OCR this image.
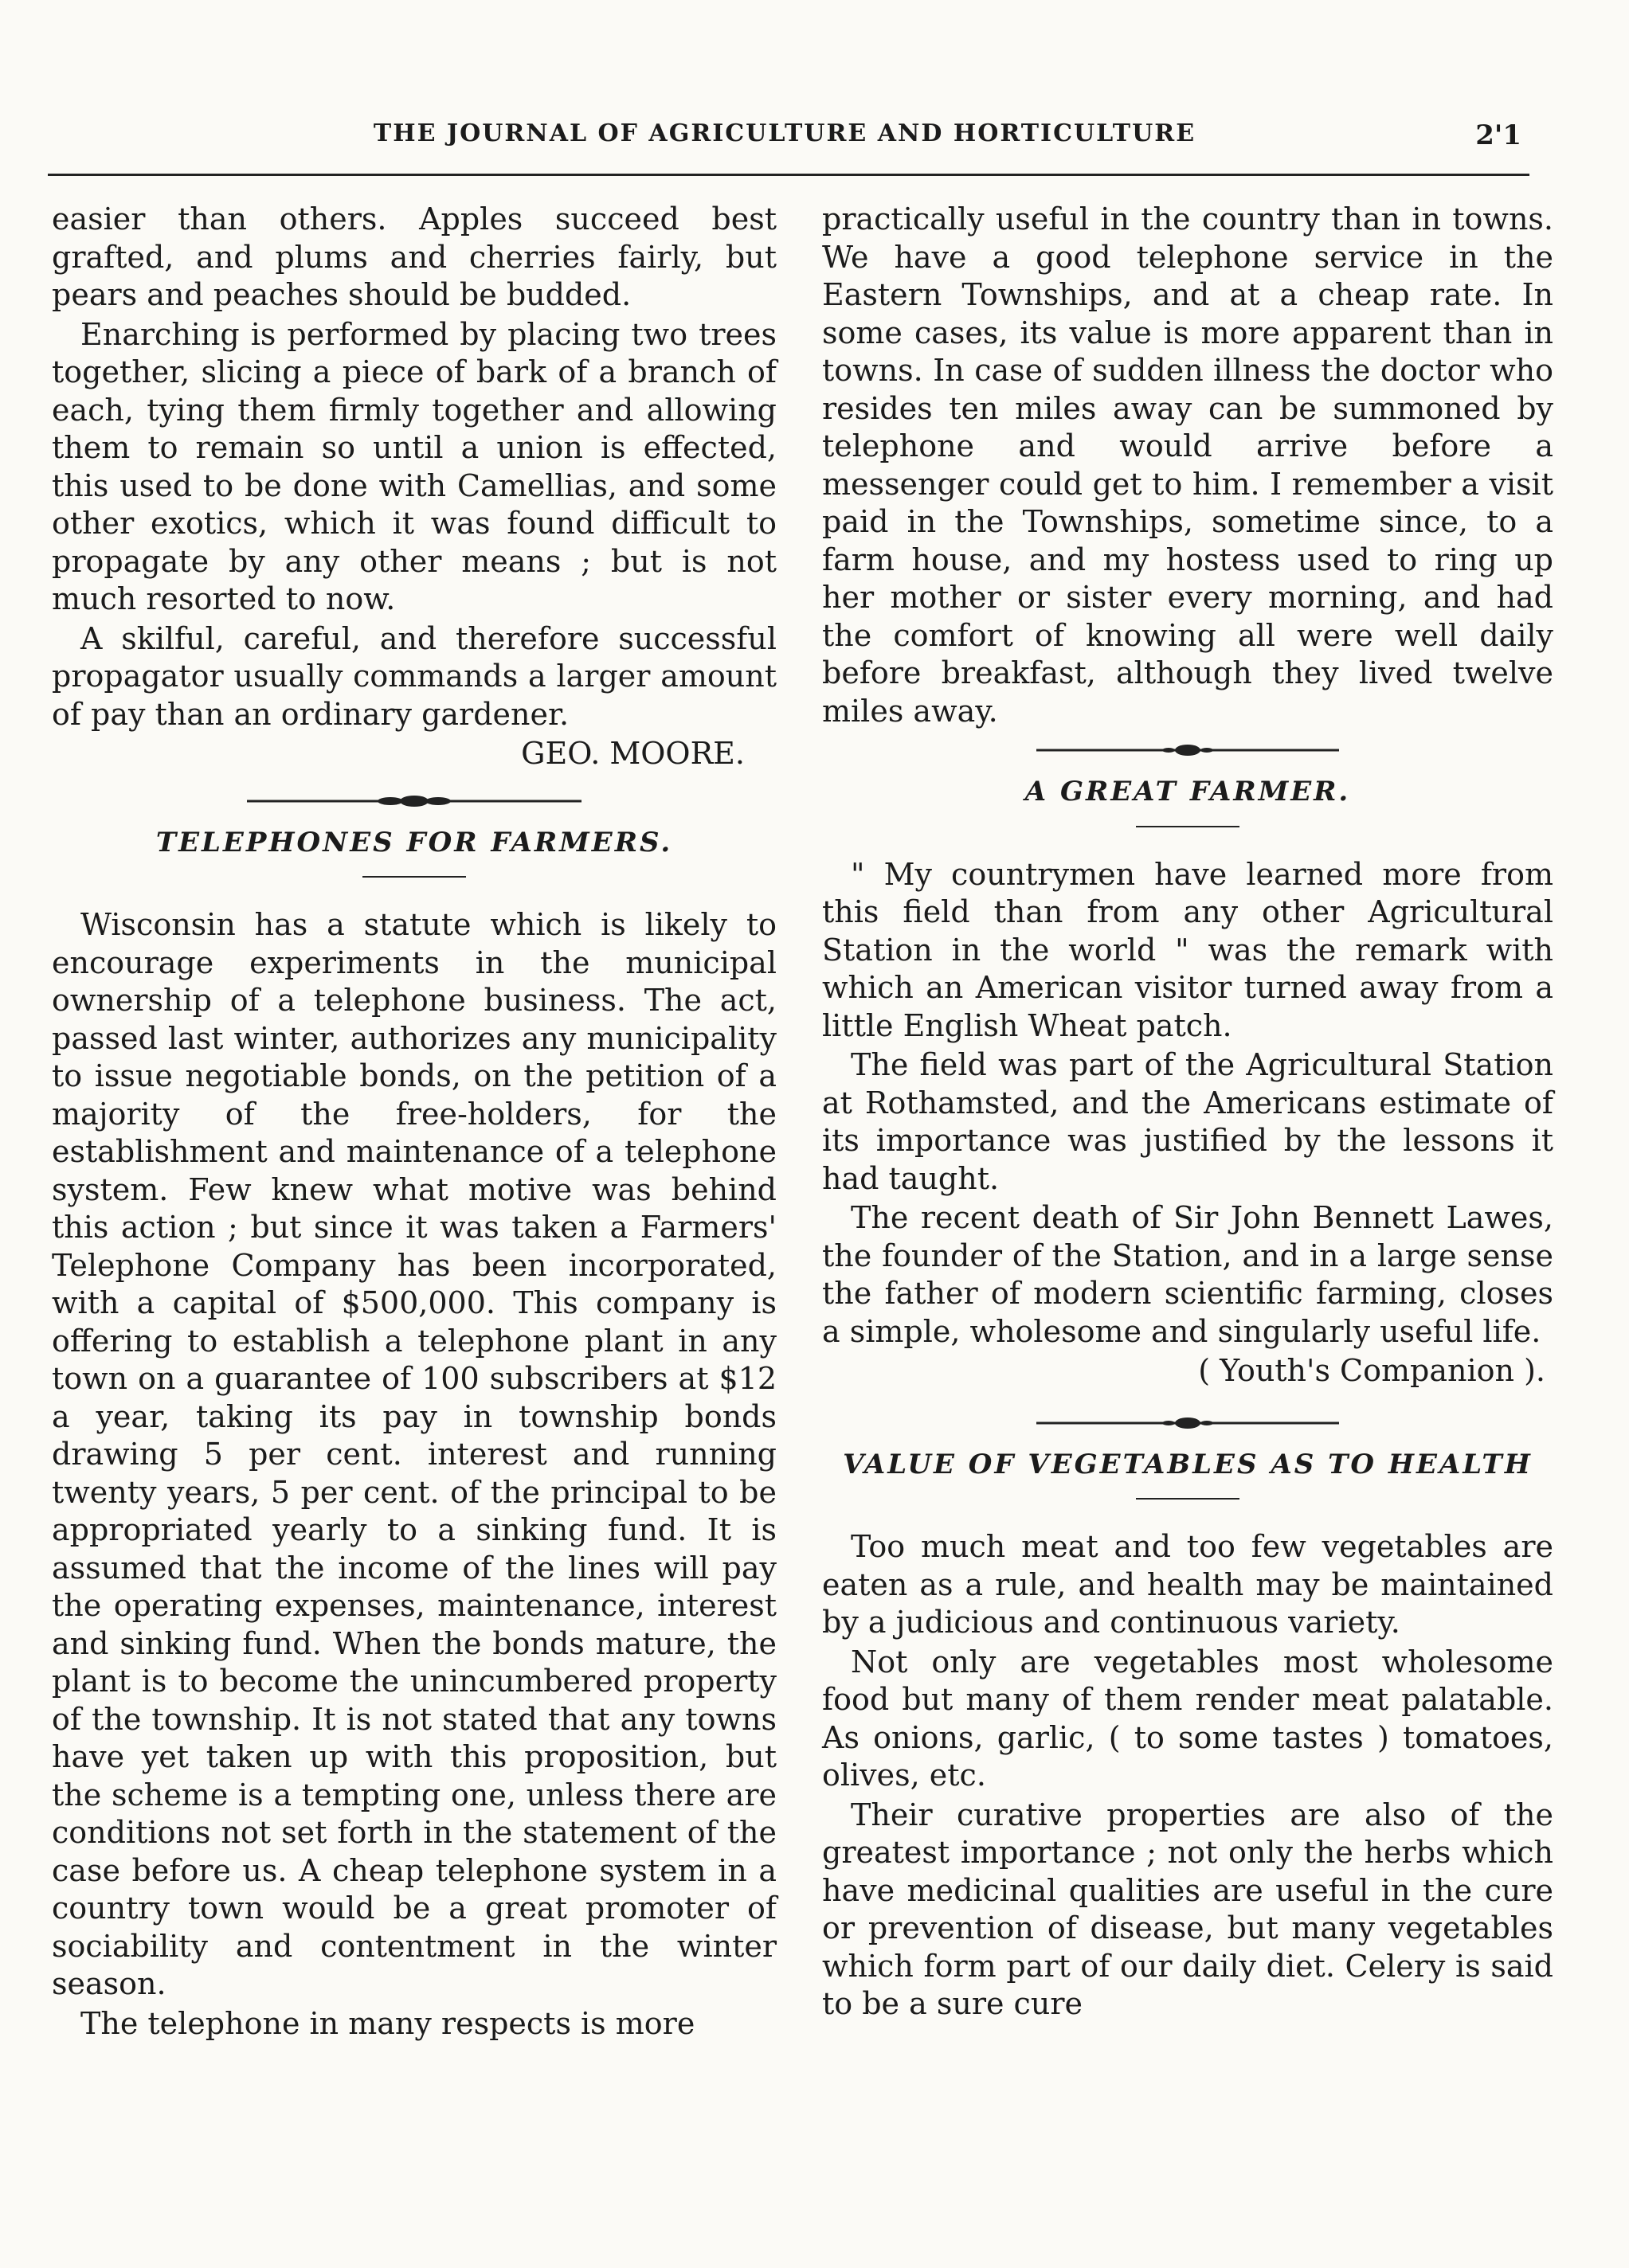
THE JOURNAL OF AGRICULTURE AND HORTICULTURE	2'1

easier than others. Apples succeed best grafted, and plums and cherries fairly, but pears and peaches should be budded.

Enarching is performed by placing two trees together, slicing a piece of bark of a branch of each, tying them firmly together and allowing them to remain so until a union is effected, this used to be done with Camellias, and some other exotics, which it was found difficult to propagate by any other means ; but is not much resorted to now.

A skilful, careful, and therefore successful propagator usually commands a larger amount of pay than an ordinary gardener.

GEO. MOORE.

TELEPHONES FOR FARMERS.

Wisconsin has a statute which is likely to encourage experiments in the municipal ownership of a telephone business. The act, passed last winter, authorizes any municipality to issue negotiable bonds, on the petition of a majority of the free-holders, for the establishment and maintenance of a telephone system. Few knew what motive was behind this action ; but since it was taken a Farmers' Telephone Company has been incorporated, with a capital of $500,000. This company is offering to establish a telephone plant in any town on a guarantee of 100 subscribers at $12 a year, taking its pay in township bonds drawing 5 per cent. interest and running twenty years, 5 per cent. of the principal to be appropriated yearly to a sinking fund. It is assumed that the income of the lines will pay the operating expenses, maintenance, interest and sinking fund. When the bonds mature, the plant is to become the unincumbered property of the township. It is not stated that any towns have yet taken up with this proposition, but the scheme is a tempting one, unless there are conditions not set forth in the statement of the case before us. A cheap telephone system in a country town would be a great promoter of sociability and contentment in the winter season.

The telephone in many respects is more

practically useful in the country than in towns. We have a good telephone service in the Eastern Townships, and at a cheap rate. In some cases, its value is more apparent than in towns. In case of sudden illness the doctor who resides ten miles away can be summoned by telephone and would arrive before a messenger could get to him. I remember a visit paid in the Townships, sometime since, to a farm house, and my hostess used to ring up her mother or sister every morning, and had the comfort of knowing all were well daily before breakfast, although they lived twelve miles away.

A GREAT FARMER.

" My countrymen have learned more from this field than from any other Agricultural Station in the world " was the remark with which an American visitor turned away from a little English Wheat patch.

The field was part of the Agricultural Station at Rothamsted, and the Americans estimate of its importance was justified by the lessons it had taught.

The recent death of Sir John Bennett Lawes, the founder of the Station, and in a large sense the father of modern scientific farming, closes a simple, wholesome and singularly useful life.

( Youth's Companion ).

VALUE OF VEGETABLES AS TO HEALTH

Too much meat and too few vegetables are eaten as a rule, and health may be maintained by a judicious and continuous variety.

Not only are vegetables most wholesome food but many of them render meat palatable. As onions, garlic, ( to some tastes ) tomatoes, olives, etc.

Their curative properties are also of the greatest importance ; not only the herbs which have medicinal qualities are useful in the cure or prevention of disease, but many vegetables which form part of our daily diet. Celery is said to be a sure cure
